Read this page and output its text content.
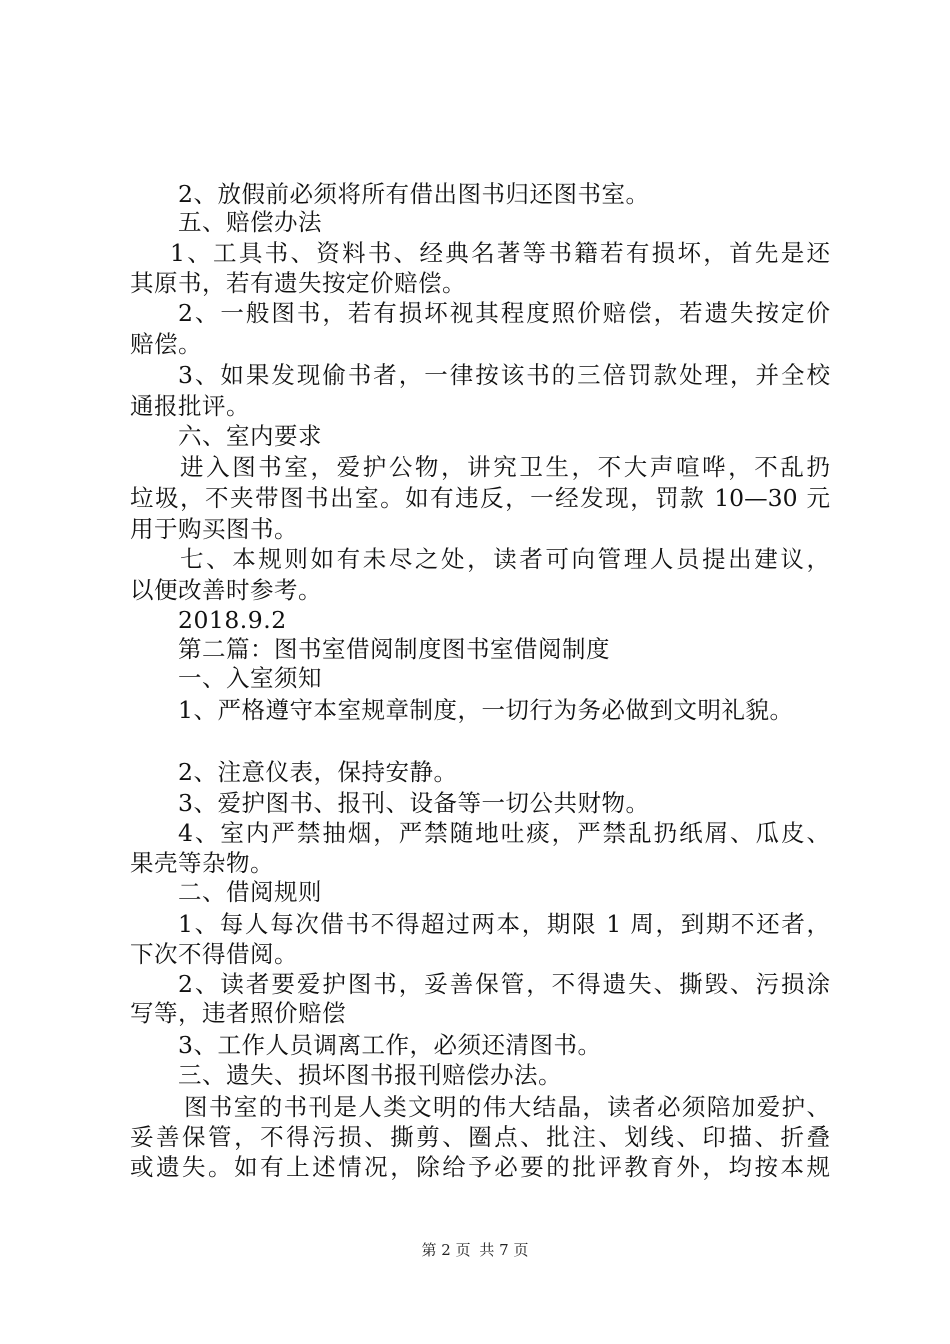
2、放假前必须将所有借出图书归还图书室。
五、赔偿办法
1、工具书、资料书、经典名著等书籍若有损坏，首先是还
其原书，若有遗失按定价赔偿。
2、一般图书，若有损坏视其程度照价赔偿，若遗失按定价
赔偿。
3、如果发现偷书者，一律按该书的三倍罚款处理，并全校
通报批评。
六、室内要求
进入图书室，爱护公物，讲究卫生，不大声喧哗，不乱扔
垃圾，不夹带图书出室。如有违反，一经发现，罚款 10—30 元
用于购买图书。
七、本规则如有未尽之处，读者可向管理人员提出建议，
以便改善时参考。
2018.9.2
第二篇：图书室借阅制度图书室借阅制度
一、入室须知
1、严格遵守本室规章制度，一切行为务必做到文明礼貌。
2、注意仪表，保持安静。
3、爱护图书、报刊、设备等一切公共财物。
4、室内严禁抽烟，严禁随地吐痰，严禁乱扔纸屑、瓜皮、
果壳等杂物。
二、借阅规则
1、每人每次借书不得超过两本，期限 1 周，到期不还者，
下次不得借阅。
2、读者要爱护图书，妥善保管，不得遗失、撕毁、污损涂
写等，违者照价赔偿
3、工作人员调离工作，必须还清图书。
三、遗失、损坏图书报刊赔偿办法。
图书室的书刊是人类文明的伟大结晶，读者必须陪加爱护、
妥善保管，不得污损、撕剪、圈点、批注、划线、印描、折叠
或遗失。如有上述情况，除给予必要的批评教育外，均按本规
第 2 页 共 7 页
